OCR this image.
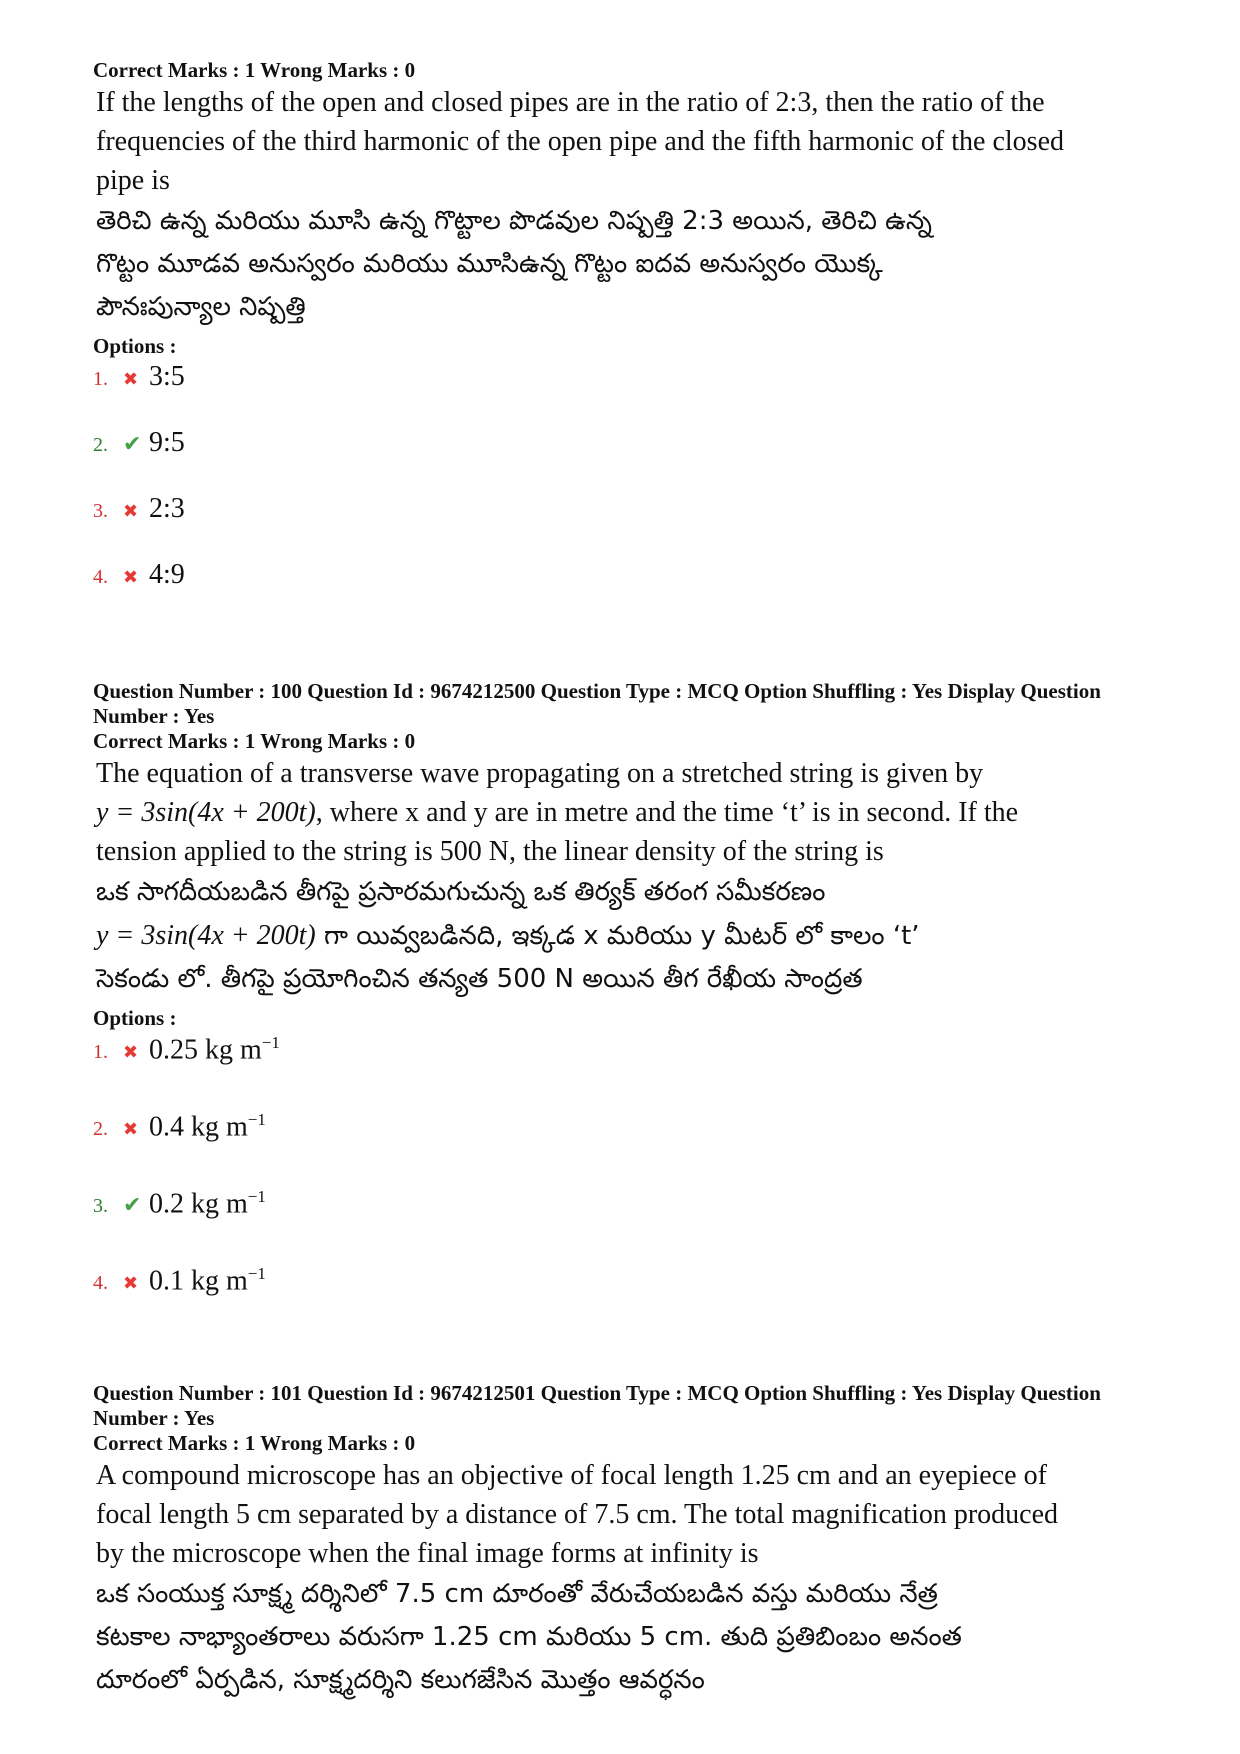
Correct Marks : 1 Wrong Marks : 0

If the lengths of the open and closed pipes are in the ratio of 2:3, then the ratio of the
frequencies of the third harmonic of the open pipe and the fifth harmonic of the closed
pipe is
తెరిచి ఉన్న మరియు మూసి ఉన్న గొట్టాల పొడవుల నిష్పత్తి 2:3 అయిన, తెరిచి ఉన్న
గొట్టం మూడవ అనుస్వరం మరియు మూసిఉన్న గొట్టం ఐదవ అనుస్వరం యొక్క
పౌనఃపున్యాల నిష్పత్తి
Options :
1. ✖ 3:5
2. ✔ 9:5
3. ✖ 2:3
4. ✖ 4:9

Question Number : 100 Question Id : 9674212500 Question Type : MCQ Option Shuffling : Yes Display Question

Number : Yes

Correct Marks : 1 Wrong Marks : 0

The equation of a transverse wave propagating on a stretched string is given by
y = 3sin(4x + 200t), where x and y are in metre and the time ‘t’ is in second. If the
tension applied to the string is 500 N, the linear density of the string is
ఒక సాగదీయబడిన తీగపై ప్రసారమగుచున్న ఒక తిర్యక్ తరంగ సమీకరణం
y = 3sin(4x + 200t) గా యివ్వబడినది, ఇక్కడ x మరియు y మీటర్ లో కాలం ‘t’
సెకండు లో. తీగపై ప్రయోగించిన తన్యత 500 N అయిన తీగ రేఖీయ సాంద్రత
Options :
1. ✖ 0.25 kg $m^{-1}$
2. ✖ 0.4 kg $m^{-1}$
3. ✔ 0.2 kg $m^{-1}$
4. ✖ 0.1 kg $m^{-1}$

Question Number : 101 Question Id : 9674212501 Question Type : MCQ Option Shuffling : Yes Display Question

Number : Yes

Correct Marks : 1 Wrong Marks : 0

A compound microscope has an objective of focal length 1.25 cm and an eyepiece of
focal length 5 cm separated by a distance of 7.5 cm. The total magnification produced
by the microscope when the final image forms at infinity is
ఒక సంయుక్త సూక్ష్మ దర్శినిలో 7.5 cm దూరంతో వేరుచేయబడిన వస్తు మరియు నేత్ర
కటకాల నాభ్యాంతరాలు వరుసగా 1.25 cm మరియు 5 cm. తుది ప్రతిబింబం అనంత
దూరంలో ఏర్పడిన, సూక్ష్మదర్శిని కలుగజేసిన మొత్తం ఆవర్ధనం
